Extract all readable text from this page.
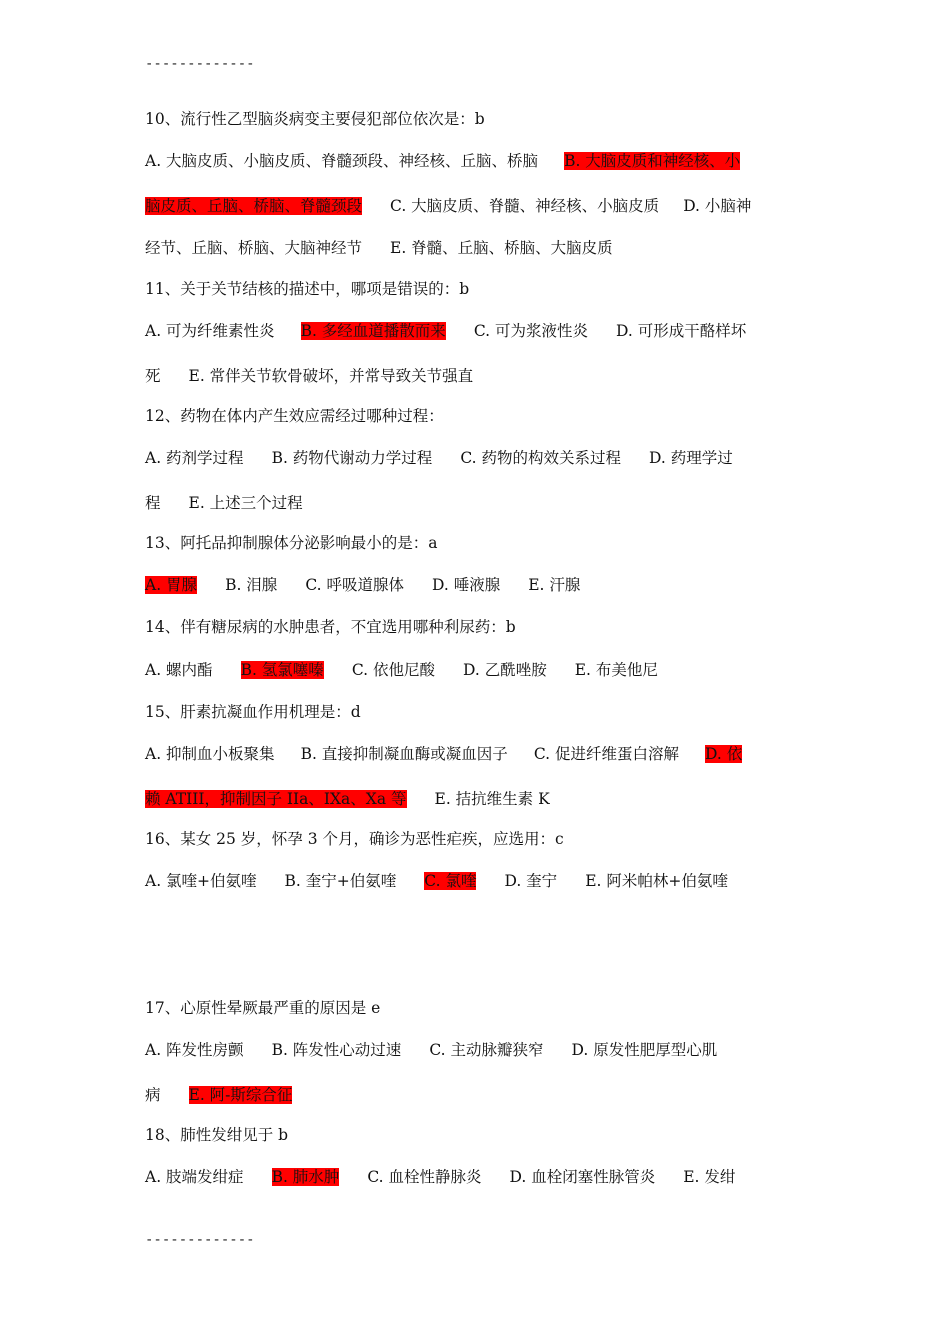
-------------
10、流行性乙型脑炎病变主要侵犯部位依次是：b
A. 大脑皮质、小脑皮质、脊髓颈段、神经核、丘脑、桥脑 B. 大脑皮质和神经核、小
脑皮质、丘脑、桥脑、脊髓颈段 C. 大脑皮质、脊髓、神经核、小脑皮质 D. 小脑神
经节、丘脑、桥脑、大脑神经节 E. 脊髓、丘脑、桥脑、大脑皮质
11、关于关节结核的描述中，哪项是错误的：b
A. 可为纤维素性炎 B. 多经血道播散而来 C. 可为浆液性炎 D. 可形成干酪样坏
死 E. 常伴关节软骨破坏，并常导致关节强直
12、药物在体内产生效应需经过哪种过程：
A. 药剂学过程 B. 药物代谢动力学过程 C. 药物的构效关系过程 D. 药理学过
程 E. 上述三个过程
13、阿托品抑制腺体分泌影响最小的是：a
A. 胃腺 B. 泪腺 C. 呼吸道腺体 D. 唾液腺 E. 汗腺
14、伴有糖尿病的水肿患者，不宜选用哪种利尿药：b
A. 螺内酯 B. 氢氯噻嗪 C. 依他尼酸 D. 乙酰唑胺 E. 布美他尼
15、肝素抗凝血作用机理是：d
A. 抑制血小板聚集 B. 直接抑制凝血酶或凝血因子 C. 促进纤维蛋白溶解 D. 依
赖 ATIII，抑制因子 IIa、IXa、Xa 等 E. 拮抗维生素 K
16、某女 25 岁，怀孕 3 个月，确诊为恶性疟疾，应选用：c
A. 氯喹+伯氨喹 B. 奎宁+伯氨喹 C. 氯喹 D. 奎宁 E. 阿米帕林+伯氨喹
17、心原性晕厥最严重的原因是 e
A. 阵发性房颤 B. 阵发性心动过速 C. 主动脉瓣狭窄 D. 原发性肥厚型心肌
病 E. 阿-斯综合征
18、肺性发绀见于 b
A. 肢端发绀症 B. 肺水肿 C. 血栓性静脉炎 D. 血栓闭塞性脉管炎 E. 发绀
-------------
